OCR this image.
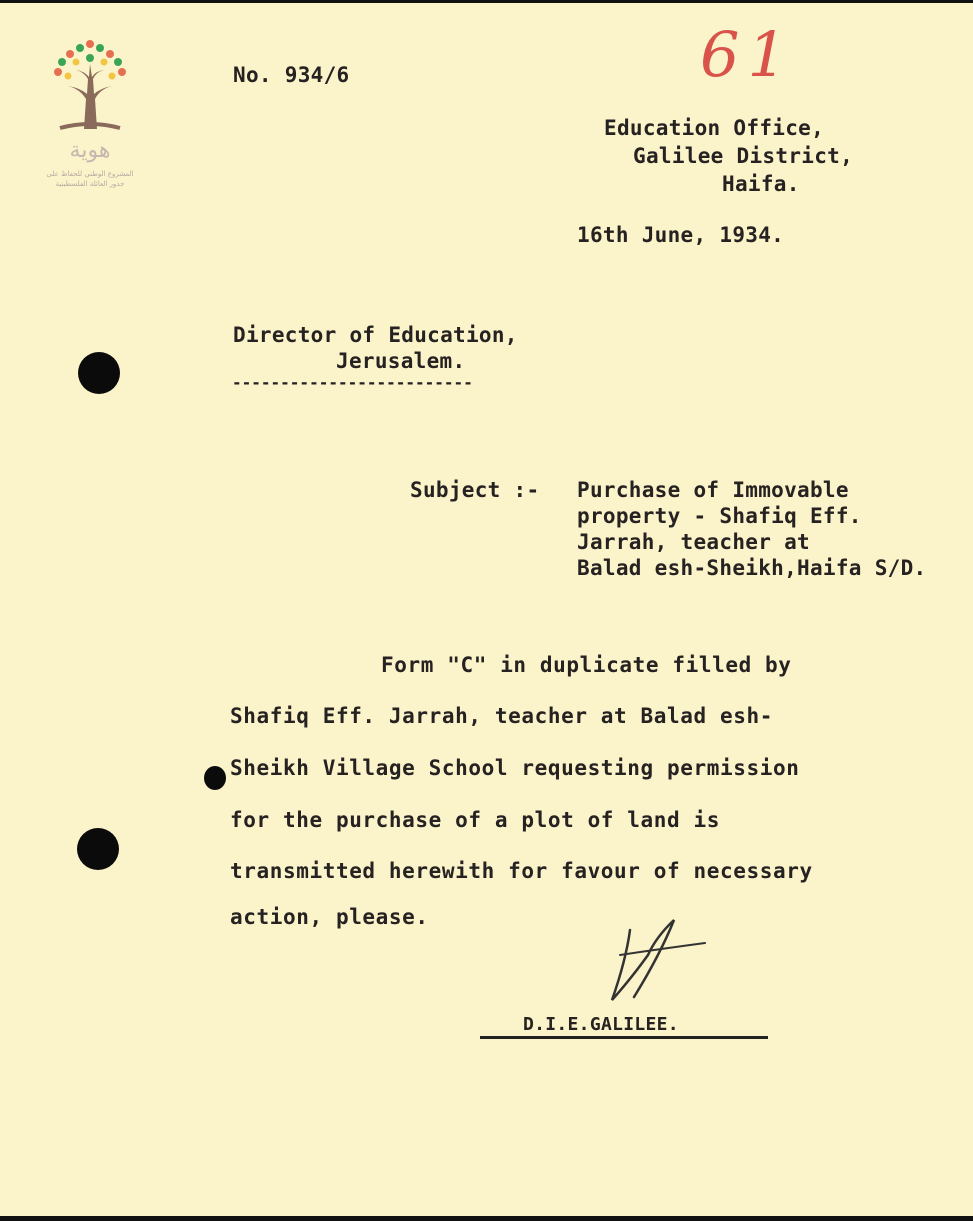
هوية
المشروع الوطني للحفاظ على
جذور العائلة الفلسطينية
No. 934/6	61
Education Office,
Galilee District,
Haifa.
16th June, 1934.
Director of Education,
Jerusalem.
-------------------------
Subject :- Purchase of Immovable
property - Shafiq Eff.
Jarrah, teacher at
Balad esh-Sheikh,Haifa S/D.
Form "C" in duplicate filled by
Shafiq Eff. Jarrah, teacher at Balad esh-
Sheikh Village School requesting permission
for the purchase of a plot of land is
transmitted herewith for favour of necessary
action, please.
D.I.E.GALILEE.
